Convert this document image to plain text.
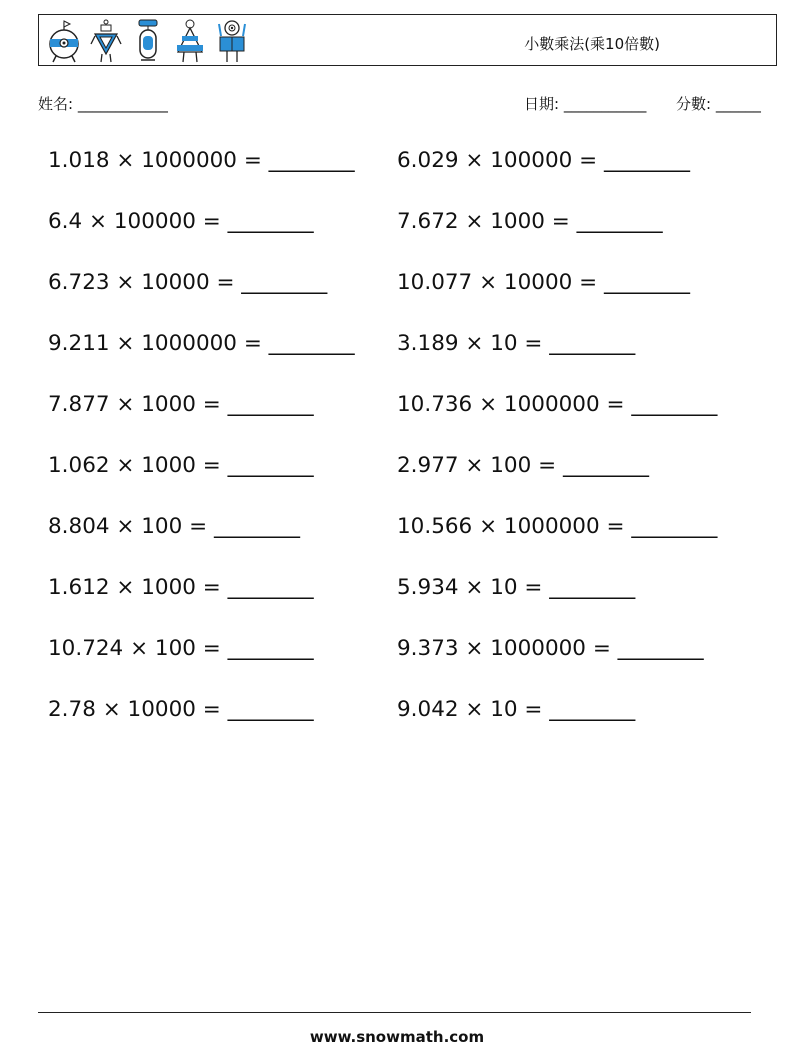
小數乘法(乘10倍數)
姓名: ____________	日期: ___________ 分數: ______
1.018 × 1000000 = ________ 6.029 × 100000 = ________
6.4 × 100000 = ________	7.672 × 1000 = ________
6.723 × 10000 = ________	10.077 × 10000 = ________
9.211 × 1000000 = ________ 3.189 × 10 = ________
7.877 × 1000 = ________	10.736 × 1000000 = ________
1.062 × 1000 = ________	2.977 × 100 = ________
8.804 × 100 = ________	10.566 × 1000000 = ________
1.612 × 1000 = ________	5.934 × 10 = ________
10.724 × 100 = ________	9.373 × 1000000 = ________
2.78 × 10000 = ________	9.042 × 10 = ________
www.snowmath.com
